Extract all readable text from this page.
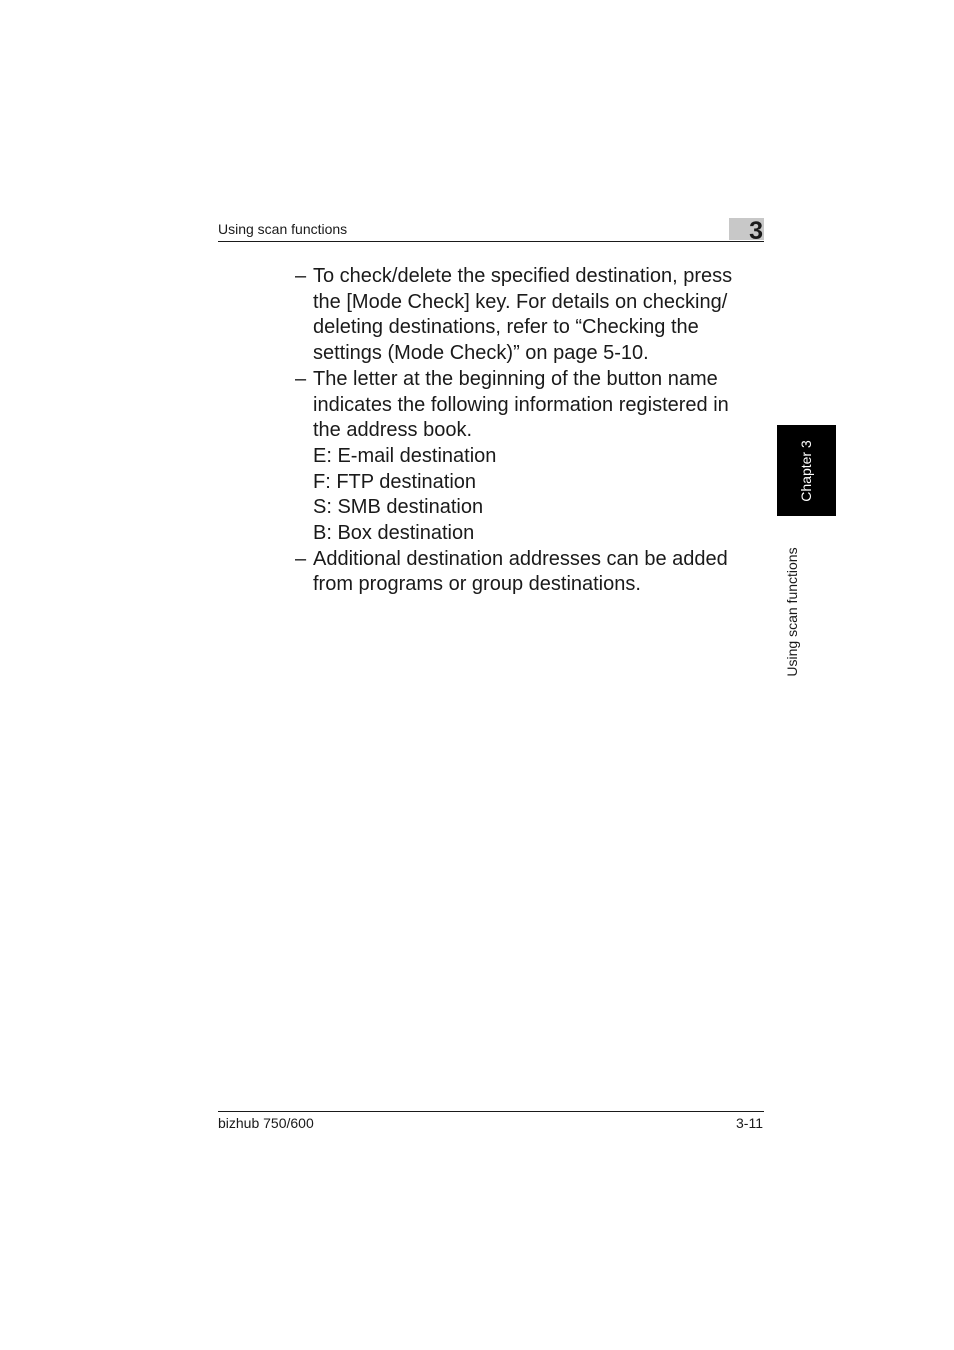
Using scan functions	3
– To check/delete the specified destination, press
the [Mode Check] key. For details on checking/
deleting destinations, refer to “Checking the
settings (Mode Check)” on page 5-10.
– The letter at the beginning of the button name
indicates the following information registered in
the address book.
E: E-mail destination
F: FTP destination
S: SMB destination
B: Box destination
– Additional destination addresses can be added
from programs or group destinations.
Chapter 3
Using scan functions
bizhub 750/600	3-11
